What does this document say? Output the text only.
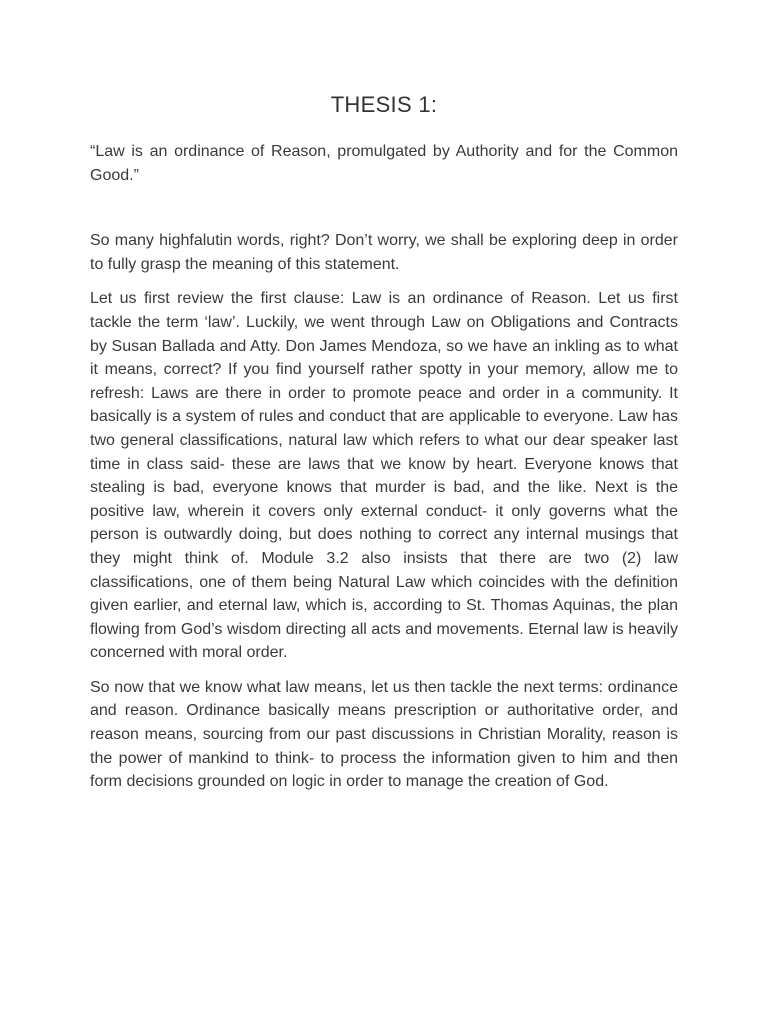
THESIS 1:

“Law is an ordinance of Reason, promulgated by Authority and for the Common Good.”

So many highfalutin words, right? Don’t worry, we shall be exploring deep in order to fully grasp the meaning of this statement.

Let us first review the first clause: Law is an ordinance of Reason. Let us first tackle the term ‘law’. Luckily, we went through Law on Obligations and Contracts by Susan Ballada and Atty. Don James Mendoza, so we have an inkling as to what it means, correct? If you find yourself rather spotty in your memory, allow me to refresh: Laws are there in order to promote peace and order in a community. It basically is a system of rules and conduct that are applicable to everyone. Law has two general classifications, natural law which refers to what our dear speaker last time in class said- these are laws that we know by heart. Everyone knows that stealing is bad, everyone knows that murder is bad, and the like. Next is the positive law, wherein it covers only external conduct- it only governs what the person is outwardly doing, but does nothing to correct any internal musings that they might think of. Module 3.2 also insists that there are two (2) law classifications, one of them being Natural Law which coincides with the definition given earlier, and eternal law, which is, according to St. Thomas Aquinas, the plan flowing from God’s wisdom directing all acts and movements. Eternal law is heavily concerned with moral order.

So now that we know what law means, let us then tackle the next terms: ordinance and reason. Ordinance basically means prescription or authoritative order, and reason means, sourcing from our past discussions in Christian Morality, reason is the power of mankind to think- to process the information given to him and then form decisions grounded on logic in order to manage the creation of God.
